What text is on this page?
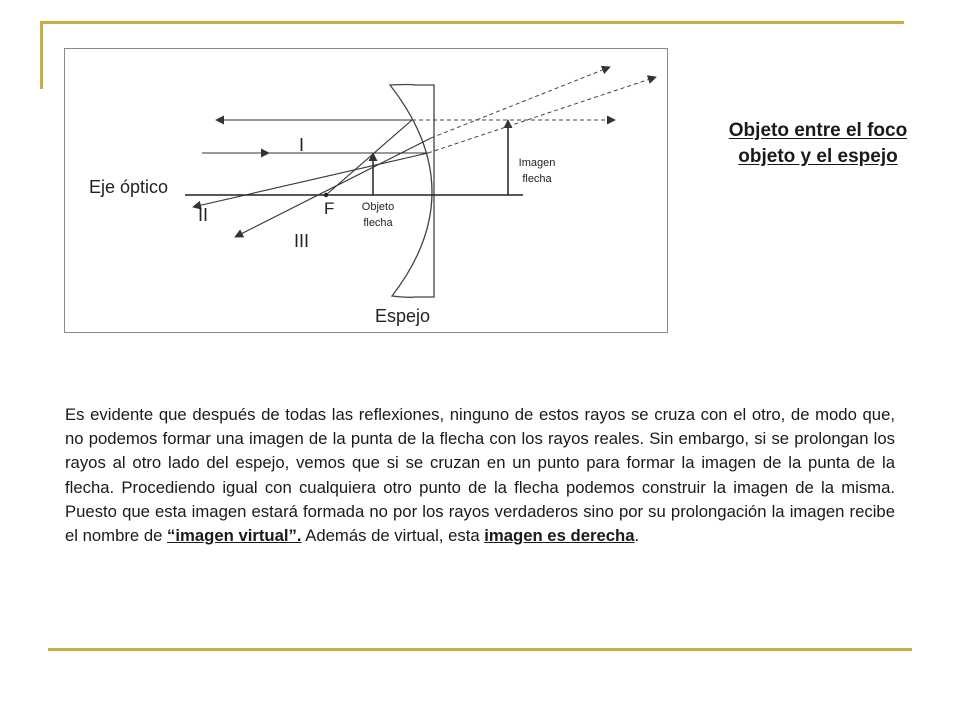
Eje óptico
I
II
III
F Objeto
flecha
Imagen
flecha
Espejo
Objeto entre el foco
objeto y el espejo

Es evidente que después de todas las reflexiones, ninguno de estos rayos se cruza con el otro, de modo que, no podemos formar una imagen de la punta de la flecha con los rayos reales. Sin embargo, si se prolongan los rayos al otro lado del espejo, vemos que si se cruzan en un punto para formar la imagen de la punta de la flecha. Procediendo igual con cualquiera otro punto de la flecha podemos construir la imagen de la misma. Puesto que esta imagen estará formada no por los rayos verdaderos sino por su prolongación la imagen recibe el nombre de “imagen virtual”. Además de virtual, esta imagen es derecha.
